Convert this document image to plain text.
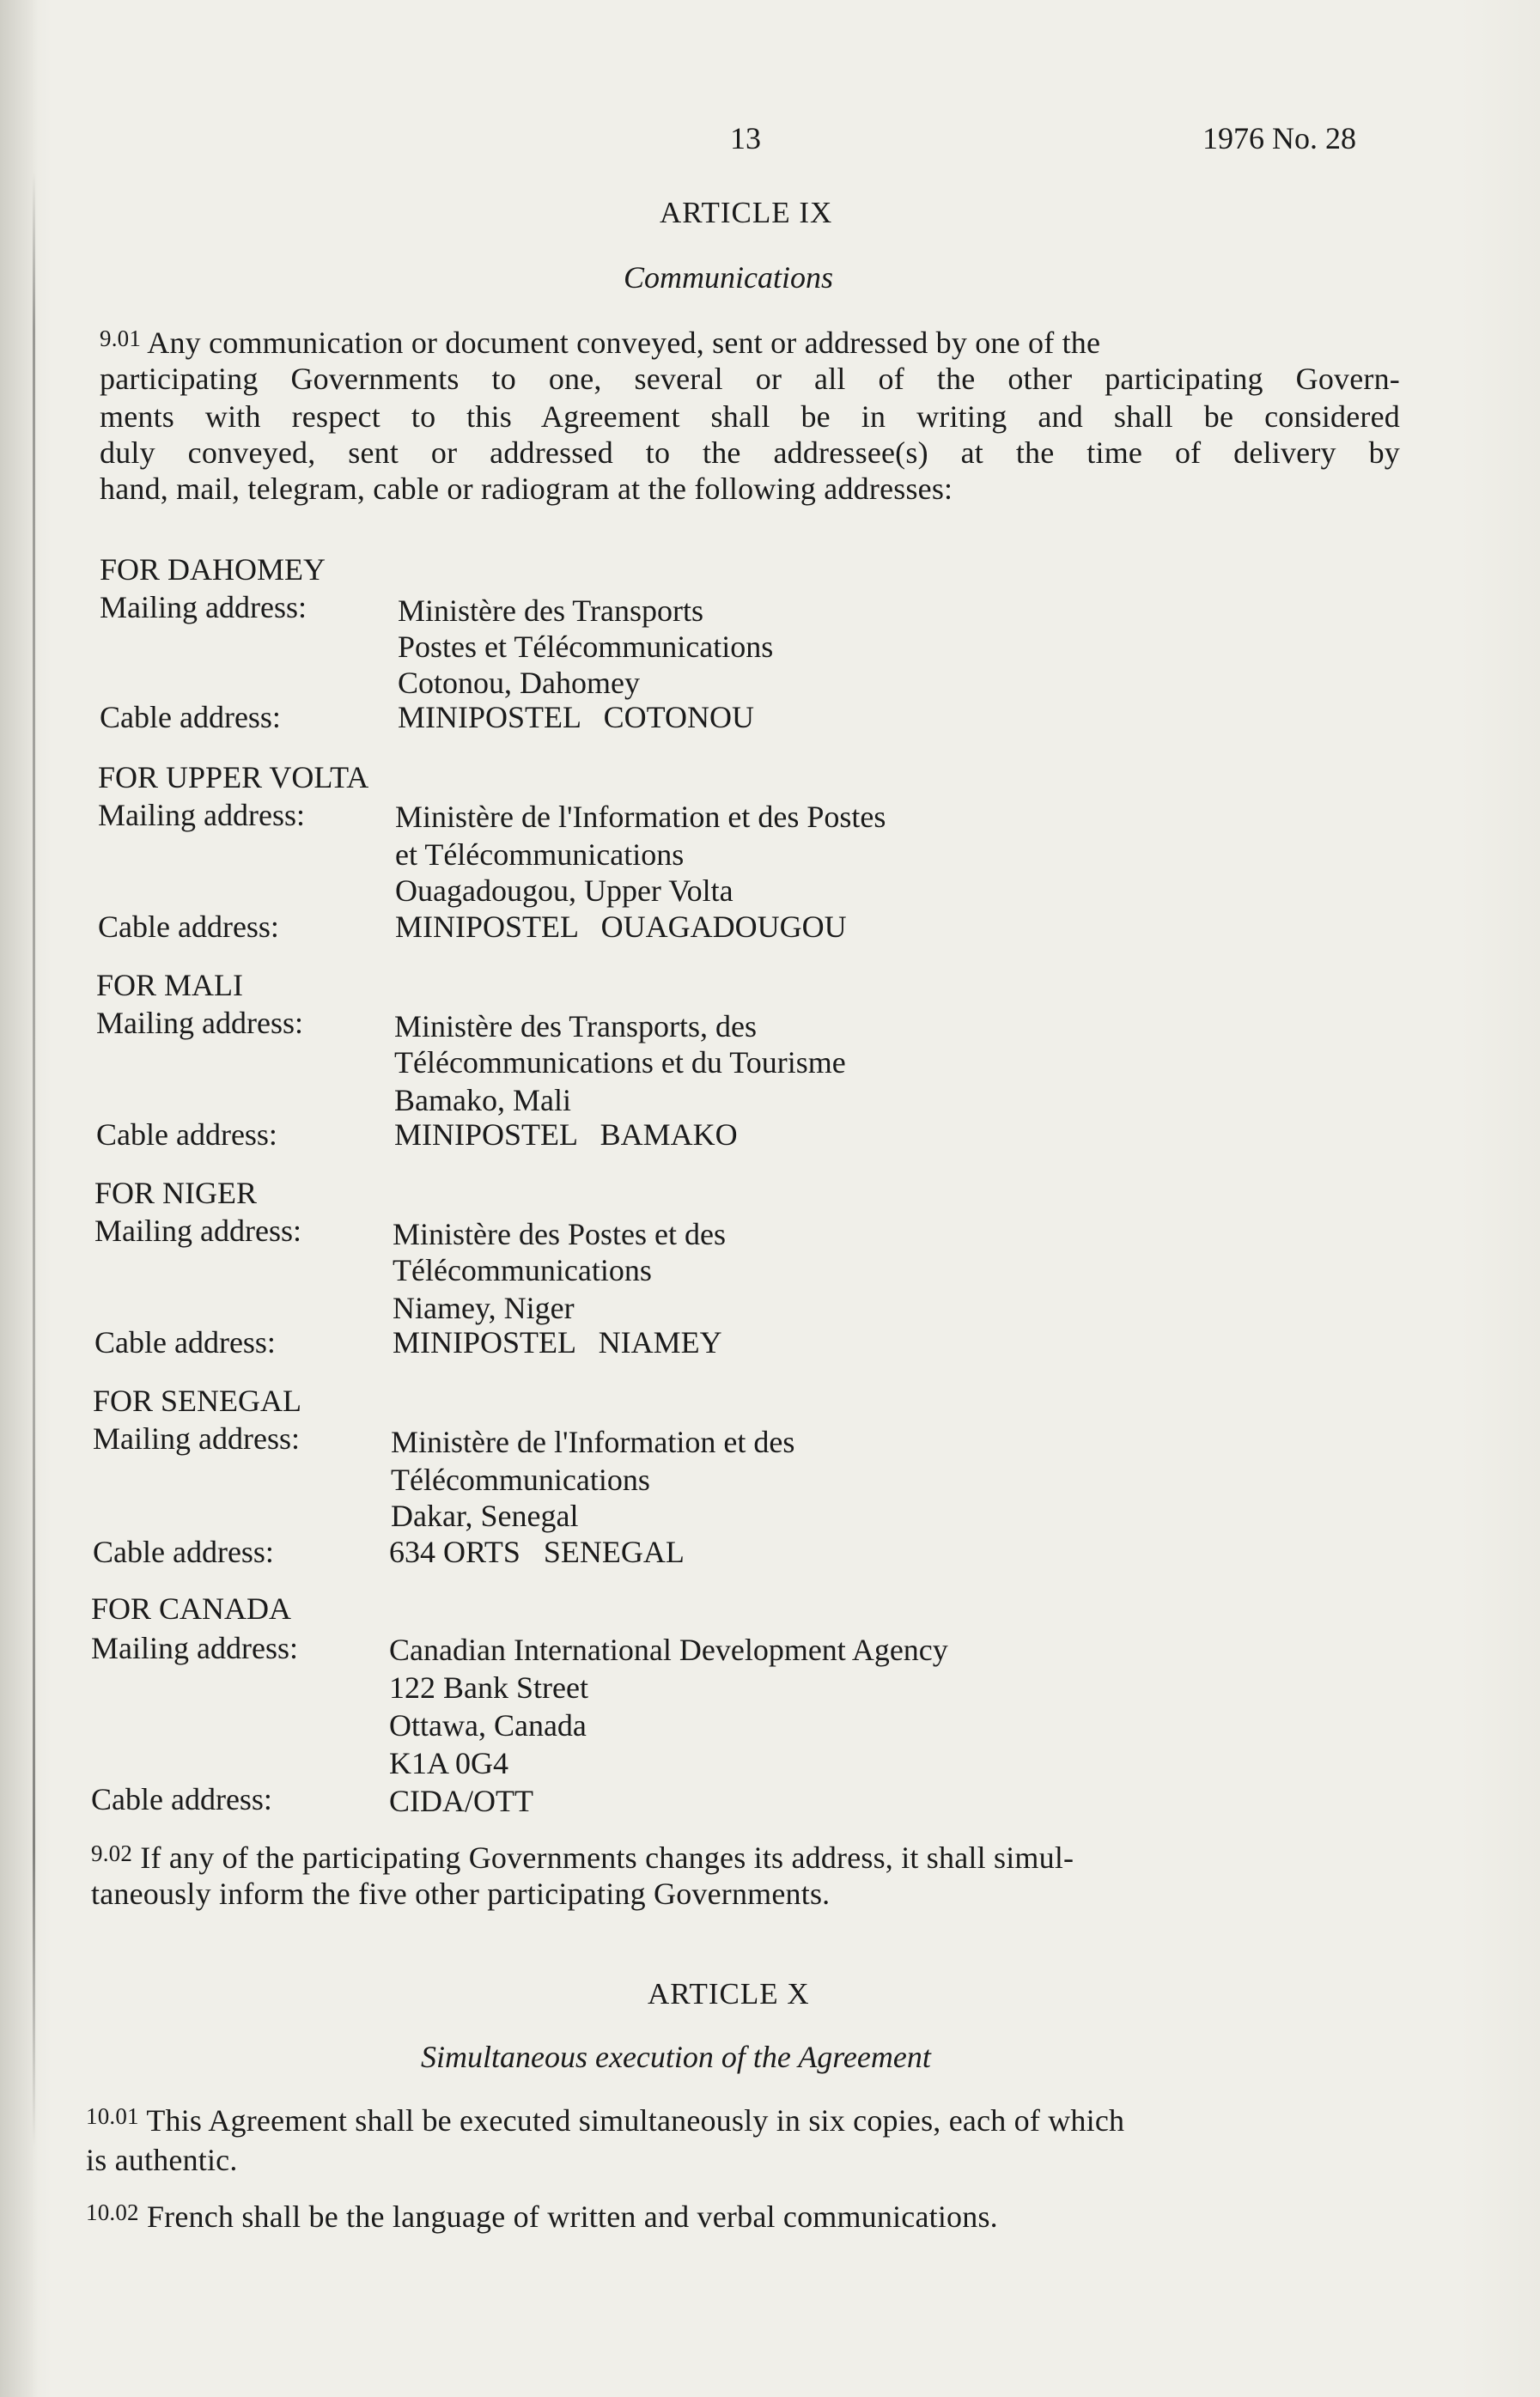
13	1976 No. 28
ARTICLE IX
Communications
$^{9.01}$ Any communication or document conveyed, sent or addressed by one of the
participating Governments to one, several or all of the other participating Govern-
ments with respect to this Agreement shall be in writing and shall be considered
duly conveyed, sent or addressed to the addressee(s) at the time of delivery by
hand, mail, telegram, cable or radiogram at the following addresses:
FOR DAHOMEY
Mailing address:	Ministère des Transports
Postes et Télécommunications
Cotonou, Dahomey
Cable address:	MINIPOSTEL   COTONOU
FOR UPPER VOLTA
Mailing address:	Ministère de l'Information et des Postes
et Télécommunications
Ouagadougou, Upper Volta
Cable address:	MINIPOSTEL   OUAGADOUGOU
FOR MALI
Mailing address:	Ministère des Transports, des
Télécommunications et du Tourisme
Bamako, Mali
Cable address:	MINIPOSTEL   BAMAKO
FOR NIGER
Mailing address:	Ministère des Postes et des
Télécommunications
Niamey, Niger
Cable address:	MINIPOSTEL   NIAMEY
FOR SENEGAL
Mailing address:	Ministère de l'Information et des
Télécommunications
Dakar, Senegal
Cable address:	634 ORTS   SENEGAL
FOR CANADA
Mailing address:	Canadian International Development Agency
122 Bank Street
Ottawa, Canada
K1A 0G4
Cable address:	CIDA/OTT
$^{9.02}$ If any of the participating Governments changes its address, it shall simul-
taneously inform the five other participating Governments.
ARTICLE X
Simultaneous execution of the Agreement
$^{10.01}$ This Agreement shall be executed simultaneously in six copies, each of which
is authentic.
$^{10.02}$ French shall be the language of written and verbal communications.
